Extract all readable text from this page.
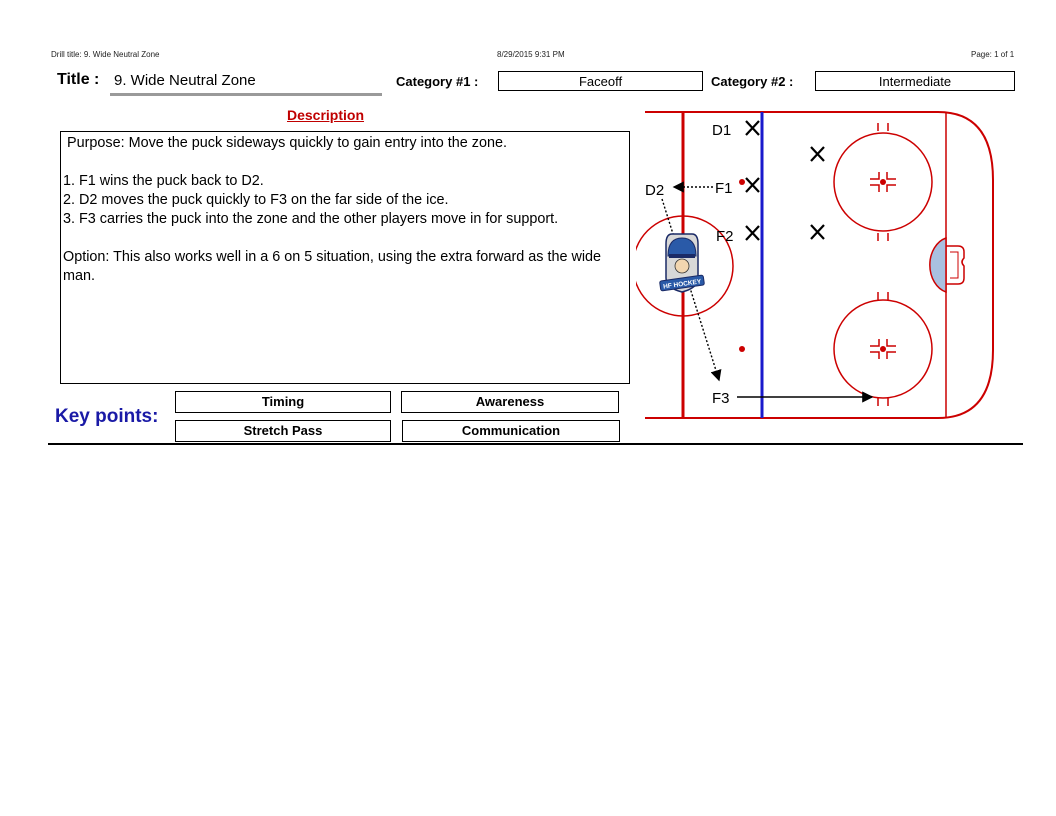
Drill title: 9. Wide Neutral Zone	8/29/2015 9:31 PM	Page: 1 of 1
Title : 9. Wide Neutral Zone	Category #1 :	Faceoff	Category #2 :	Intermediate
Description

Purpose: Move the puck sideways quickly to gain entry into the zone.

1. F1 wins the puck back to D2.
2. D2 moves the puck quickly to F3 on the far side of the ice.
3. F3 carries the puck into the zone and the other players move in for support.

Option: This also works well in a 6 on 5 situation, using the extra forward as the wide man.

Key points:
Timing	Awareness
Stretch Pass	Communication
D1
D2	F1
F2
F3
HF HOCKEY
